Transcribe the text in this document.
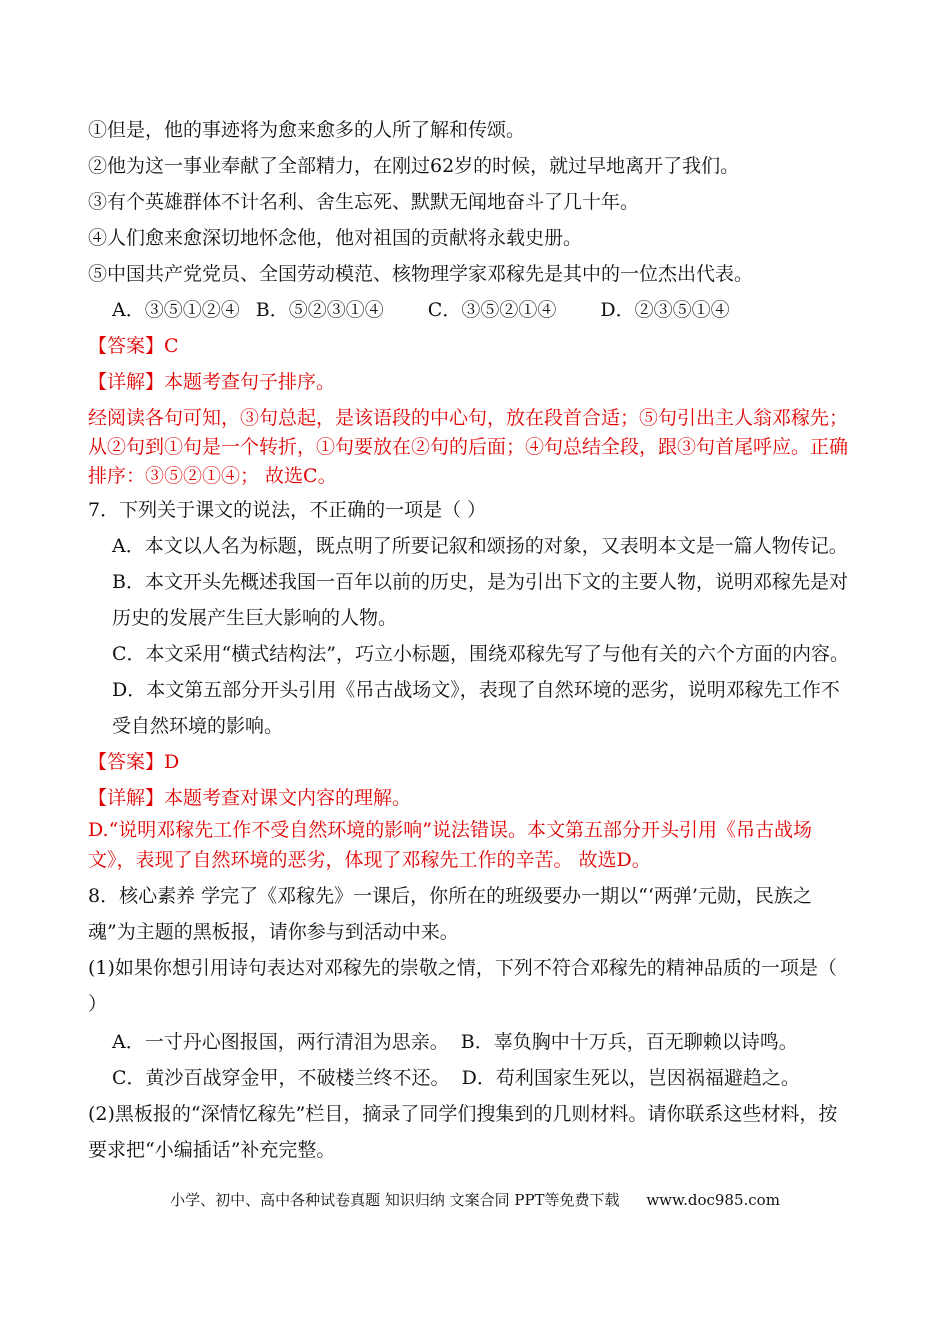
①但是，他的事迹将为愈来愈多的人所了解和传颂。
②他为这一事业奉献了全部精力，在刚过62岁的时候，就过早地离开了我们。
③有个英雄群体不计名利、舍生忘死、默默无闻地奋斗了几十年。
④人们愈来愈深切地怀念他，他对祖国的贡献将永载史册。
⑤中国共产党党员、全国劳动模范、核物理学家邓稼先是其中的一位杰出代表。
A．③⑤①②④ B．⑤②③①④ C．③⑤②①④ D．②③⑤①④
【答案】C
【详解】本题考查句子排序。
经阅读各句可知，③句总起，是该语段的中心句，放在段首合适；⑤句引出主人翁邓稼先；
从②句到①句是一个转折，①句要放在②句的后面；④句总结全段，跟③句首尾呼应。正确
排序：③⑤②①④； 故选C。
7．下列关于课文的说法，不正确的一项是（ ）
A．本文以人名为标题，既点明了所要记叙和颂扬的对象，又表明本文是一篇人物传记。
B．本文开头先概述我国一百年以前的历史，是为引出下文的主要人物，说明邓稼先是对
历史的发展产生巨大影响的人物。
C．本文采用“横式结构法”，巧立小标题，围绕邓稼先写了与他有关的六个方面的内容。
D．本文第五部分开头引用《吊古战场文》，表现了自然环境的恶劣，说明邓稼先工作不
受自然环境的影响。
【答案】D
【详解】本题考查对课文内容的理解。
D.“说明邓稼先工作不受自然环境的影响”说法错误。本文第五部分开头引用《吊古战场
文》，表现了自然环境的恶劣，体现了邓稼先工作的辛苦。 故选D。
8．核心素养 学完了《邓稼先》一课后，你所在的班级要办一期以“‘两弹’元勋，民族之
魂”为主题的黑板报，请你参与到活动中来。
(1)如果你想引用诗句表达对邓稼先的崇敬之情，下列不符合邓稼先的精神品质的一项是（
）
A．一寸丹心图报国，两行清泪为思亲。 B．辜负胸中十万兵，百无聊赖以诗鸣。
C．黄沙百战穿金甲，不破楼兰终不还。 D．苟利国家生死以，岂因祸福避趋之。
(2)黑板报的“深情忆稼先”栏目，摘录了同学们搜集到的几则材料。请你联系这些材料，按
要求把“小编插话”补充完整。
小学、初中、高中各种试卷真题 知识归纳 文案合同 PPT等免费下载 www.doc985.com
